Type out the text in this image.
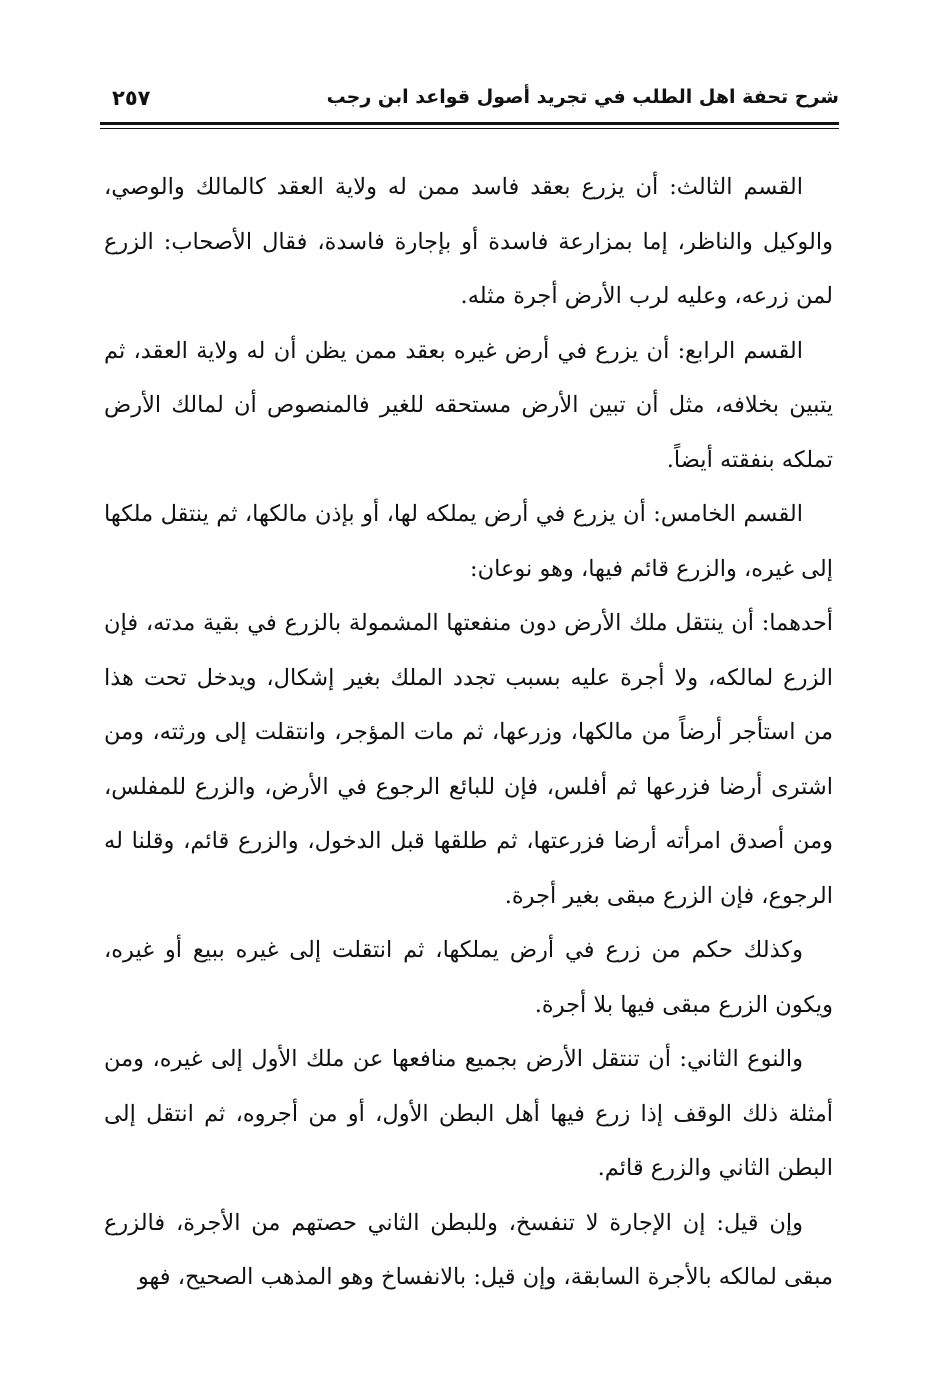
شرح تحفة اهل الطلب في تجريد أصول قواعد ابن رجب
٢٥٧

القسم الثالث: أن يزرع بعقد فاسد ممن له ولاية العقد كالمالك والوصي، والوكيل والناظر، إما بمزارعة فاسدة أو بإجارة فاسدة، فقال الأصحاب: الزرع لمن زرعه، وعليه لرب الأرض أجرة مثله.

القسم الرابع: أن يزرع في أرض غيره بعقد ممن يظن أن له ولاية العقد، ثم يتبين بخلافه، مثل أن تبين الأرض مستحقه للغير فالمنصوص أن لمالك الأرض تملكه بنفقته أيضاً.

القسم الخامس: أن يزرع في أرض يملكه لها، أو بإذن مالكها، ثم ينتقل ملكها إلى غيره، والزرع قائم فيها، وهو نوعان:

أحدهما: أن ينتقل ملك الأرض دون منفعتها المشمولة بالزرع في بقية مدته، فإن الزرع لمالكه، ولا أجرة عليه بسبب تجدد الملك بغير إشكال، ويدخل تحت هذا من استأجر أرضاً من مالكها، وزرعها، ثم مات المؤجر، وانتقلت إلى ورثته، ومن اشترى أرضا فزرعها ثم أفلس، فإن للبائع الرجوع في الأرض، والزرع للمفلس، ومن أصدق امرأته أرضا فزرعتها، ثم طلقها قبل الدخول، والزرع قائم، وقلنا له الرجوع، فإن الزرع مبقى بغير أجرة.

وكذلك حكم من زرع في أرض يملكها، ثم انتقلت إلى غيره ببيع أو غيره، ويكون الزرع مبقى فيها بلا أجرة.

والنوع الثاني: أن تنتقل الأرض بجميع منافعها عن ملك الأول إلى غيره، ومن أمثلة ذلك الوقف إذا زرع فيها أهل البطن الأول، أو من أجروه، ثم انتقل إلى البطن الثاني والزرع قائم.

وإن قيل: إن الإجارة لا تنفسخ، وللبطن الثاني حصتهم من الأجرة، فالزرع مبقى لمالكه بالأجرة السابقة، وإن قيل: بالانفساخ وهو المذهب الصحيح، فهو
